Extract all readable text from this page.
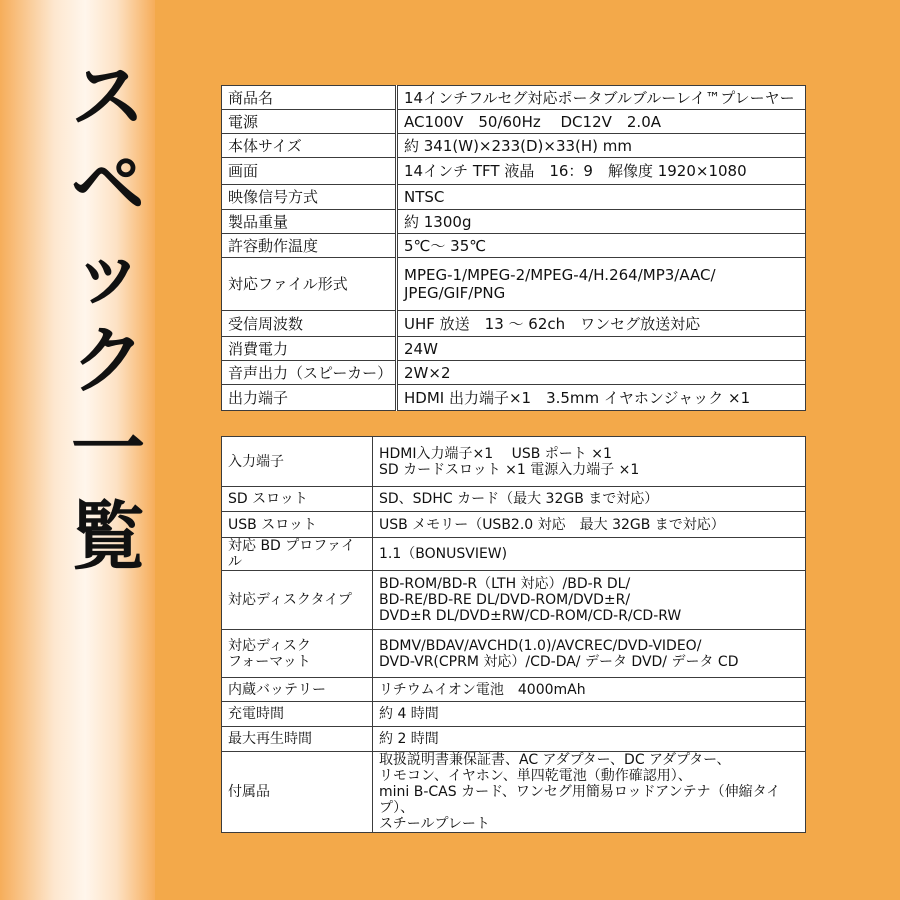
ス
ペ
ッ
ク
一
覧
商品名	14インチフルセグ対応ポータブルブルーレイ™プレーヤー
電源	AC100V　50/60Hz　 DC12V　2.0A
本体サイズ	約 341(W)×233(D)×33(H) mm
画面	14インチ TFT 液晶　16：9　解像度 1920×1080
映像信号方式	NTSC
製品重量	約 1300g
許容動作温度	5℃～ 35℃
対応ファイル形式	MPEG-1/MPEG-2/MPEG-4/H.264/MP3/AAC/
JPEG/GIF/PNG
受信周波数	UHF 放送　13 ～ 62ch　ワンセグ放送対応
消費電力	24W
音声出力（スピーカー）	2W×2
出力端子	HDMI 出力端子×1　3.5mm イヤホンジャック ×1
入力端子	HDMI入力端子×1　 USB ポート ×1
SD カードスロット ×1 電源入力端子 ×1
SD スロット	SD、SDHC カード（最大 32GB まで対応）
USB スロット	USB メモリー（USB2.0 対応　最大 32GB まで対応）
対応 BD プロファイル	1.1（BONUSVIEW)
対応ディスクタイプ	BD-ROM/BD-R（LTH 対応）/BD-R DL/
BD-RE/BD-RE DL/DVD-ROM/DVD±R/
DVD±R DL/DVD±RW/CD-ROM/CD-R/CD-RW
対応ディスク
フォーマット	BDMV/BDAV/AVCHD(1.0)/AVCREC/DVD-VIDEO/
DVD-VR(CPRM 対応）/CD-DA/ データ DVD/ データ CD
内蔵バッテリー	リチウムイオン電池　4000mAh
充電時間	約 4 時間
最大再生時間	約 2 時間
付属品	取扱説明書兼保証書、AC アダプター、DC アダプター、
リモコン、イヤホン、単四乾電池（動作確認用）、
mini B-CAS カード、ワンセグ用簡易ロッドアンテナ（伸縮タイプ）、
スチールプレート
